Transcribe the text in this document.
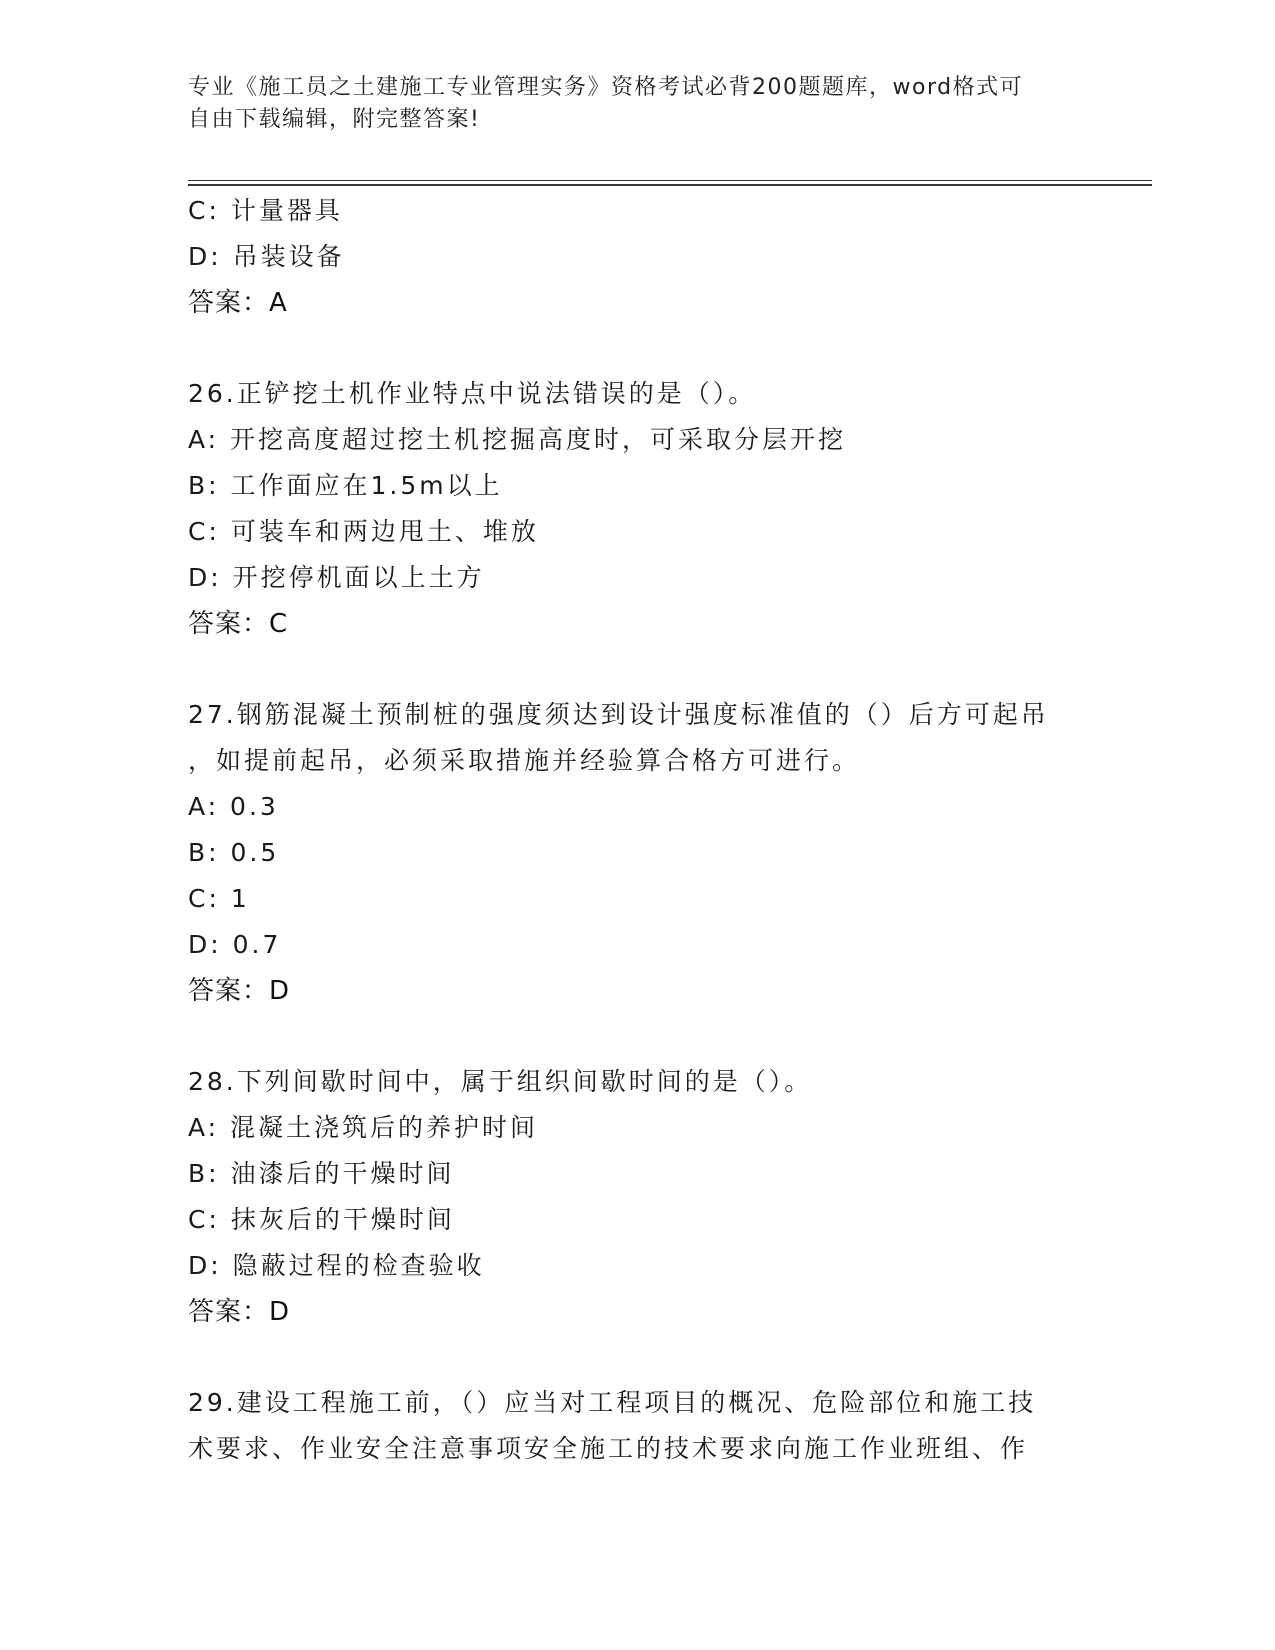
专业《施工员之土建施工专业管理实务》资格考试必背200题题库，word格式可
自由下载编辑，附完整答案!
C: 计量器具
D: 吊装设备
答案：A
26.正铲挖土机作业特点中说法错误的是（）。
A: 开挖高度超过挖土机挖掘高度时，可采取分层开挖
B: 工作面应在1.5m以上
C: 可装车和两边甩土、堆放
D: 开挖停机面以上土方
答案：C
27.钢筋混凝土预制桩的强度须达到设计强度标准值的（）后方可起吊
，如提前起吊，必须采取措施并经验算合格方可进行。
A: 0.3
B: 0.5
C: 1
D: 0.7
答案：D
28.下列间歇时间中，属于组织间歇时间的是（）。
A: 混凝土浇筑后的养护时间
B: 油漆后的干燥时间
C: 抹灰后的干燥时间
D: 隐蔽过程的检查验收
答案：D
29.建设工程施工前，（）应当对工程项目的概况、危险部位和施工技
术要求、作业安全注意事项安全施工的技术要求向施工作业班组、作
